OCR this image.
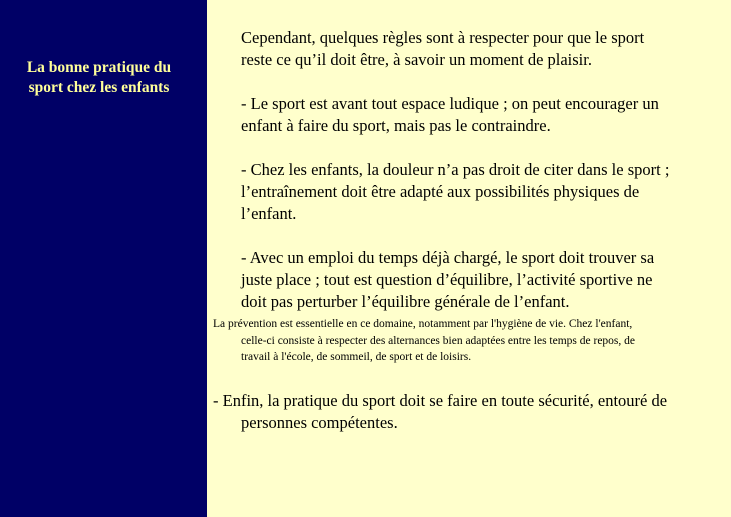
La bonne pratique du
sport chez les enfants

Cependant, quelques règles sont à respecter pour que le sport
reste ce qu’il doit être, à savoir un moment de plaisir.

- Le sport est avant tout espace ludique ; on peut encourager un
enfant à faire du sport, mais pas le contraindre.

- Chez les enfants, la douleur n’a pas droit de citer dans le sport ;
l’entraînement doit être adapté aux possibilités physiques de
l’enfant.

- Avec un emploi du temps déjà chargé, le sport doit trouver sa
juste place ; tout est question d’équilibre, l’activité sportive ne
doit pas perturber l’équilibre générale de l’enfant.

La prévention est essentielle en ce domaine, notamment par l'hygiène de vie. Chez l'enfant,
celle-ci consiste à respecter des alternances bien adaptées entre les temps de repos, de
travail à l'école, de sommeil, de sport et de loisirs.

- Enfin, la pratique du sport doit se faire en toute sécurité, entouré de
personnes compétentes.
